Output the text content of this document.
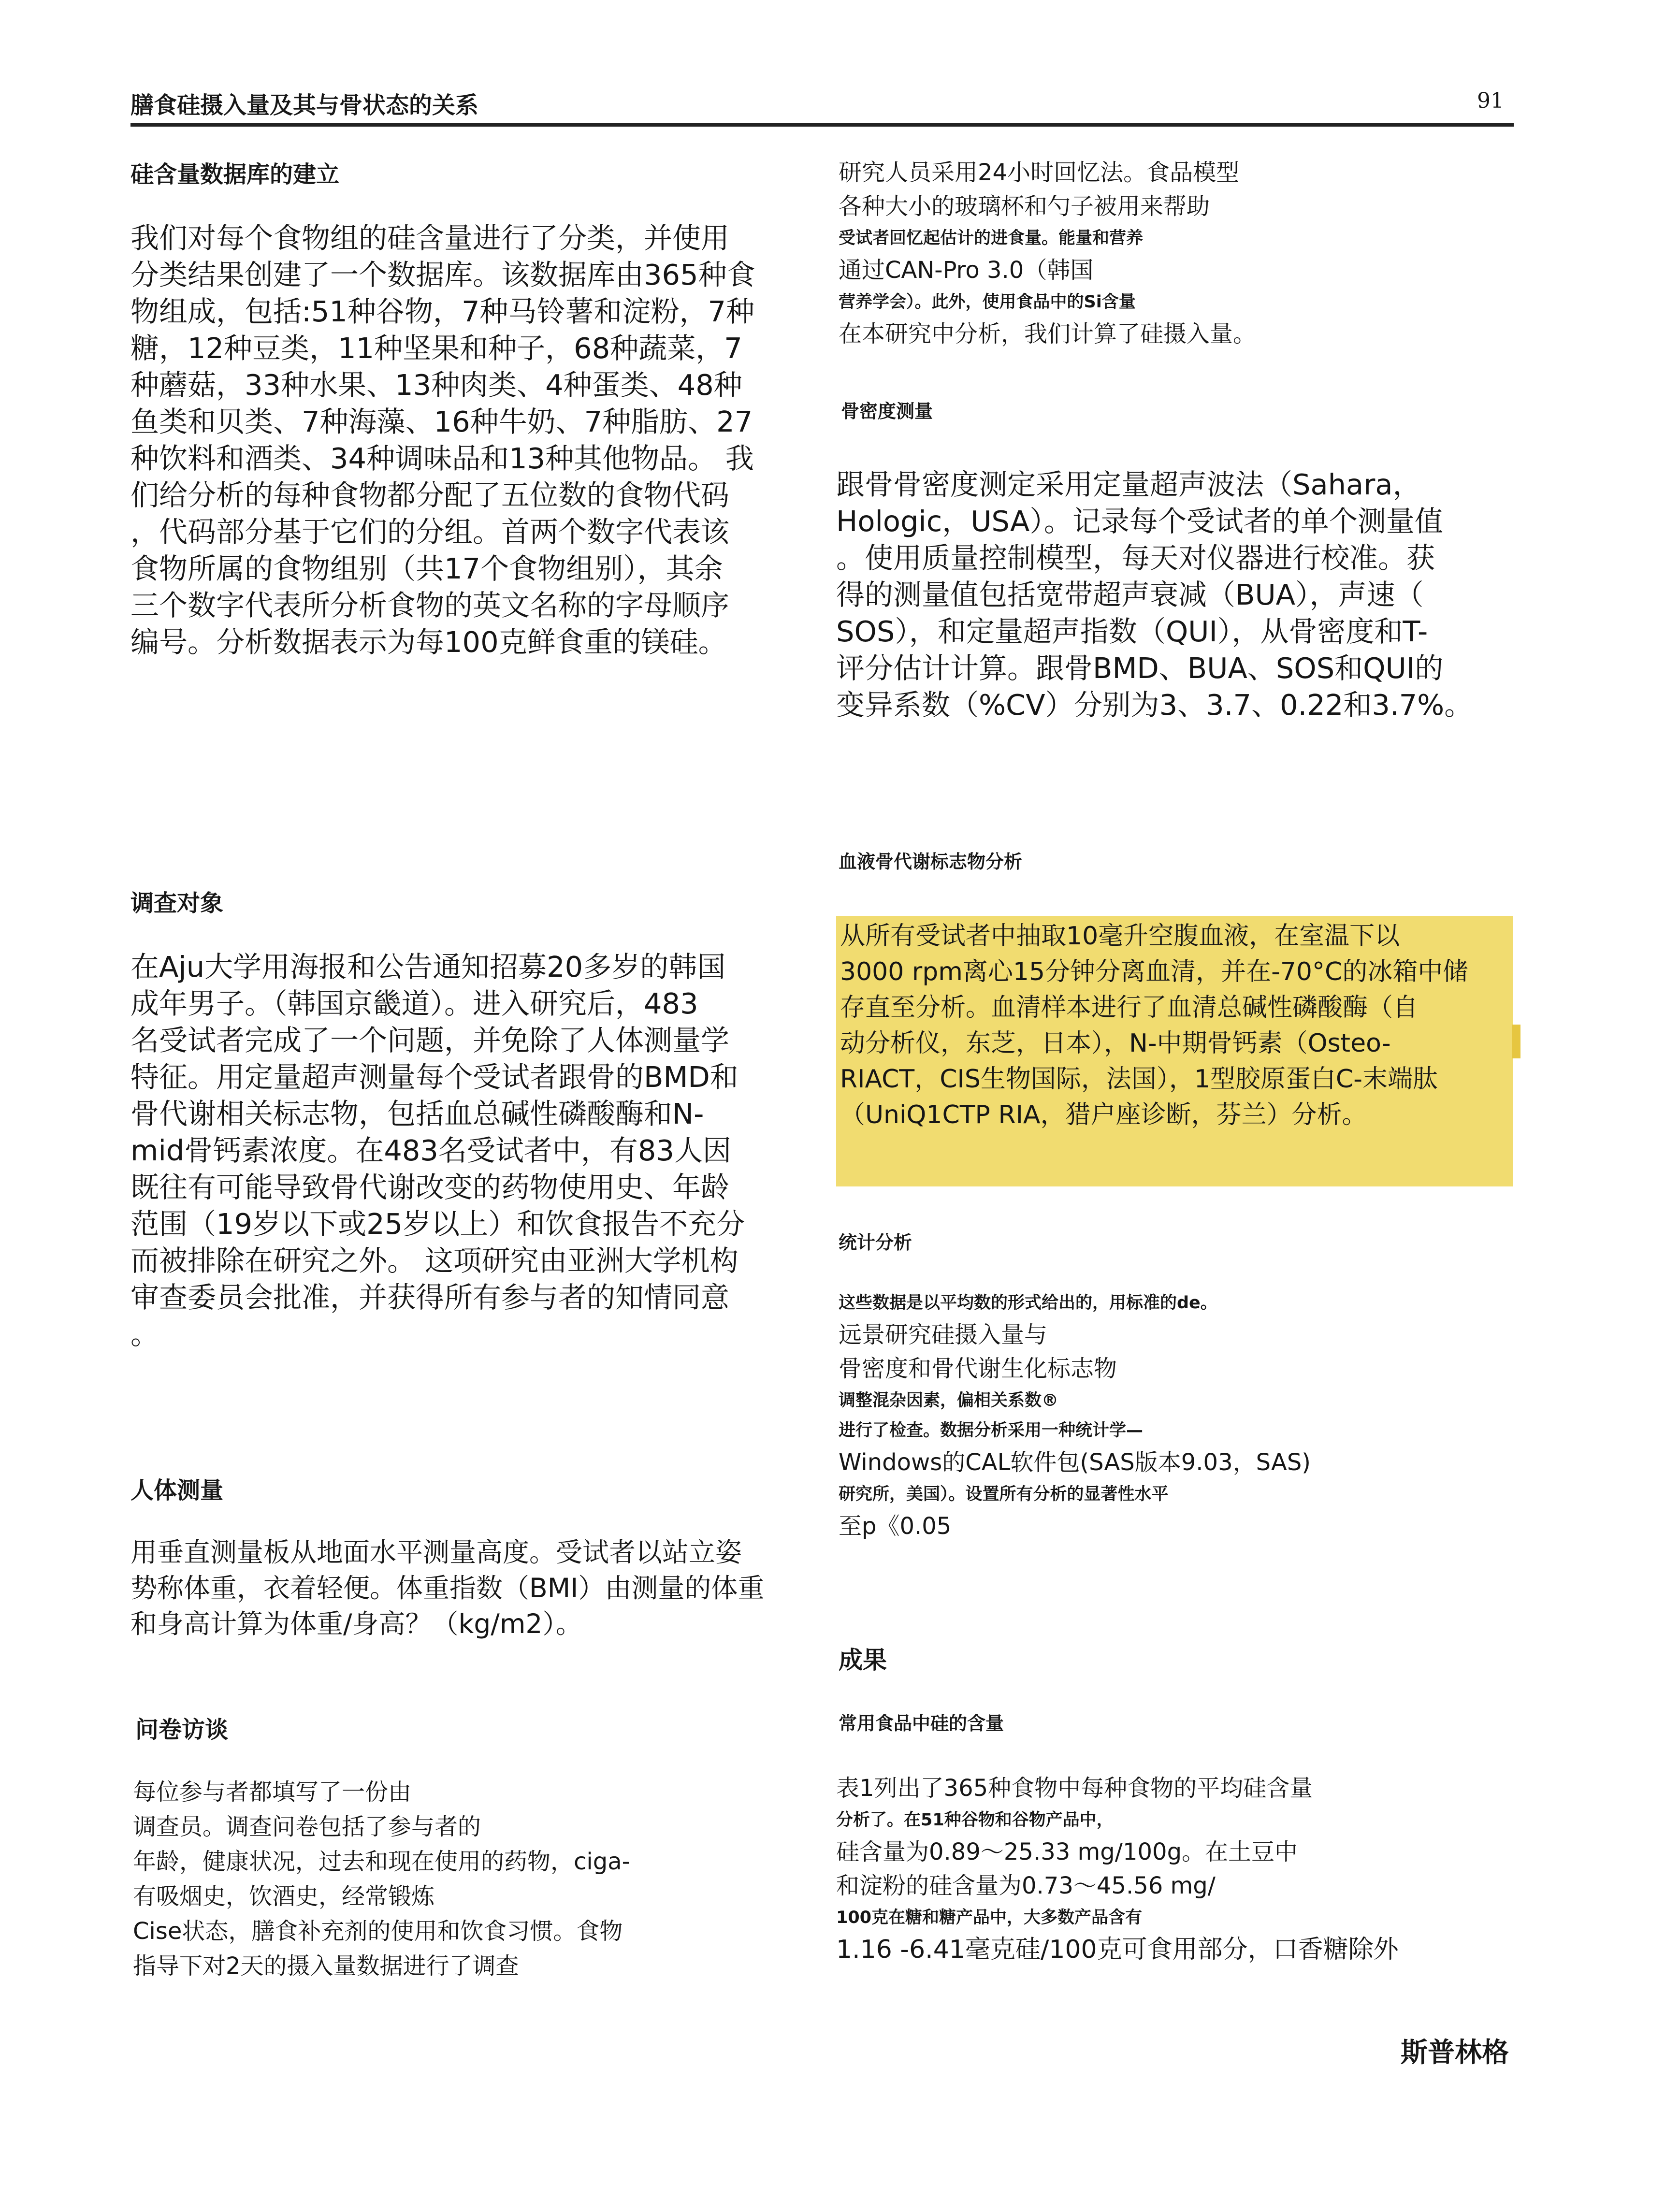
膳食硅摄入量及其与骨状态的关系	91
硅含量数据库的建立
我们对每个食物组的硅含量进行了分类，并使用
分类结果创建了一个数据库。该数据库由365种食
物组成，包括:51种谷物，7种马铃薯和淀粉，7种
糖，12种豆类，11种坚果和种子，68种蔬菜，7
种蘑菇，33种水果、13种肉类、4种蛋类、48种
鱼类和贝类、7种海藻、16种牛奶、7种脂肪、27
种饮料和酒类、34种调味品和13种其他物品。 我
们给分析的每种食物都分配了五位数的食物代码
，代码部分基于它们的分组。首两个数字代表该
食物所属的食物组别（共17个食物组别），其余
三个数字代表所分析食物的英文名称的字母顺序
编号。分析数据表示为每100克鲜食重的镁硅。
调查对象
在Aju大学用海报和公告通知招募20多岁的韩国
成年男子。（韩国京畿道）。进入研究后，483
名受试者完成了一个问题，并免除了人体测量学
特征。用定量超声测量每个受试者跟骨的BMD和
骨代谢相关标志物，包括血总碱性磷酸酶和N-
mid骨钙素浓度。在483名受试者中，有83人因
既往有可能导致骨代谢改变的药物使用史、年龄
范围（19岁以下或25岁以上）和饮食报告不充分
而被排除在研究之外。 这项研究由亚洲大学机构
审查委员会批准，并获得所有参与者的知情同意
。
人体测量
用垂直测量板从地面水平测量高度。受试者以站立姿
势称体重，衣着轻便。体重指数（BMI）由测量的体重
和身高计算为体重/身高？（kg/m2）。
问卷访谈
每位参与者都填写了一份由
调查员。调查问卷包括了参与者的
年龄，健康状况，过去和现在使用的药物，ciga-
有吸烟史，饮酒史，经常锻炼
Cise状态，膳食补充剂的使用和饮食习惯。食物
指导下对2天的摄入量数据进行了调查
研究人员采用24小时回忆法。食品模型
各种大小的玻璃杯和勺子被用来帮助
受试者回忆起估计的进食量。能量和营养
通过CAN-Pro 3.0（韩国
营养学会）。此外，使用食品中的Si含量
在本研究中分析，我们计算了硅摄入量。
骨密度测量
跟骨骨密度测定采用定量超声波法（Sahara，
Hologic，USA）。记录每个受试者的单个测量值
。使用质量控制模型，每天对仪器进行校准。获
得的测量值包括宽带超声衰减（BUA），声速（
SOS），和定量超声指数（QUI），从骨密度和T-
评分估计计算。跟骨BMD、BUA、SOS和QUI的
变异系数（%CV）分别为3、3.7、0.22和3.7%。
血液骨代谢标志物分析
从所有受试者中抽取10毫升空腹血液，在室温下以
3000 rpm离心15分钟分离血清，并在-70°C的冰箱中储
存直至分析。血清样本进行了血清总碱性磷酸酶（自
动分析仪，东芝，日本），N-中期骨钙素（Osteo-
RIACT，CIS生物国际，法国），1型胶原蛋白C-末端肽
（UniQ1CTP RIA，猎户座诊断，芬兰）分析。
统计分析
这些数据是以平均数的形式给出的，用标准的de。
远景研究硅摄入量与
骨密度和骨代谢生化标志物
调整混杂因素，偏相关系数®
进行了检查。数据分析采用一种统计学—
Windows的CAL软件包(SAS版本9.03，SAS)
研究所，美国）。设置所有分析的显著性水平
至p《0.05
成果
常用食品中硅的含量
表1列出了365种食物中每种食物的平均硅含量
分析了。在51种谷物和谷物产品中，
硅含量为0.89～25.33 mg/100g。在土豆中
和淀粉的硅含量为0.73～45.56 mg/
100克在糖和糖产品中，大多数产品含有
1.16 -6.41毫克硅/100克可食用部分，口香糖除外
斯普林格
